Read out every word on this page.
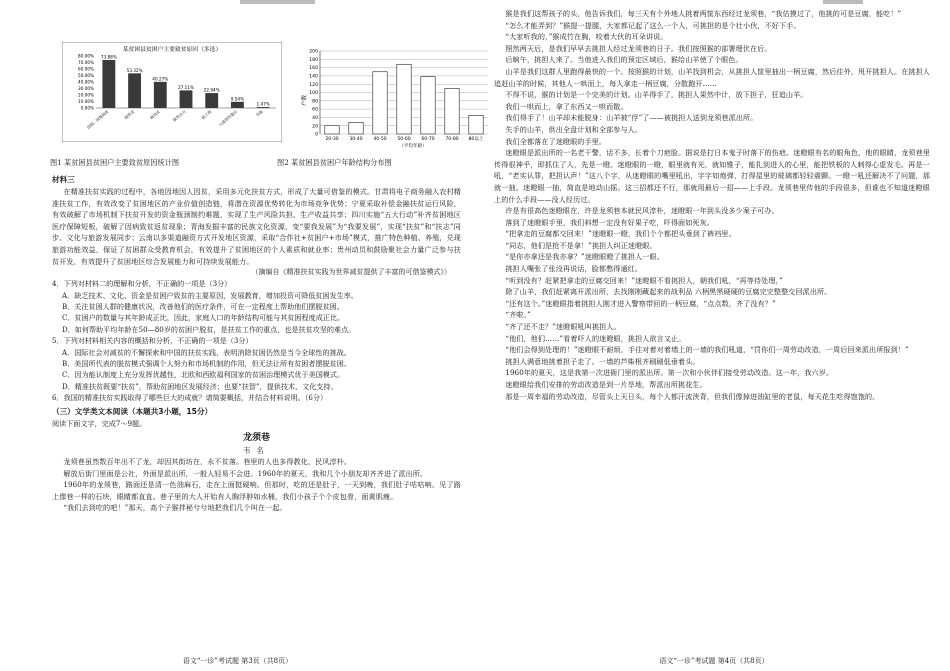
某贫困县贫困户主要致贫原因（多选）
80.00%
70.00%
60.00%
50.00%
40.00%
30.00%
20.00%
10.00%
0.00%
73.88%
因病、因残致贫
53.32%
缺资金
40.27%
缺技术
27.11%
缺劳动力
22.94%
缺土地
9.54%
交通条件落后
1.47%
其他
户数
200
180
160
140
120
100
80
60
40
20
0
20-30 30-40 40-50 50-60 60-70 70-80 80以上
（平均年龄）
图1 某贫困县贫困户主要致贫原因统计图	图2 某贫困县贫困户年龄结构分布图
材料三

在精准扶贫实践的过程中，各地因地因人因贫，采用多元化扶贫方式，形成了大量可借鉴的模式。甘肃将电子商务融入农村精准扶贫工作，有效改变了贫困地区的产业价值创造链，将潜在资源优势转化为市场竞争优势；宁夏采取补偿金融扶贫运行风险，有效破解了市场机制下扶贫开发的资金瓶颈制约难题，实现了生产风险共担、生产收益共享；四川实施“五大行动”补齐贫困地区医疗保障短板，破解了因病致贫返贫现象；青海发掘丰富的民族文化资源，变“要我发展”为“我要发展”，实现“扶贫”和“扶志”同步、文化与旅游发展同步；云南以多渠道融资方式开发地区资源，采取“合作社+贫困户+市场”模式，推广特色种植、养殖，兑现旅游功能效益，保证了贫困群众受教育机会，有效提升了贫困地区的个人素质和就业率；贵州动员和鼓励聚社会力量广泛参与扶贫开发，有效提升了贫困地区综合发展能力和可持续发展能力。

（摘编自《精准扶贫实践为世界减贫提供了丰富的可借鉴模式》）

4．下列对材料二的理解和分析，不正确的一项是（3分）

A．缺乏技术、文化、资金是贫困户致贫的主要原因，发展教育，增加投资可降低贫困发生率。

B．关注贫困人群的健康状况，改善他们的医疗条件，可在一定程度上帮助他们摆脱贫困。

C．贫困户的数量与其年龄成正比，因此，家庭人口的年龄结构可能与其贫困程度成正比。

D．如何帮助平均年龄在50—80岁的贫困户脱贫，是扶贫工作的重点，也是扶贫攻坚的难点。

5．下列对材料相关内容的概括和分析，不正确的一项是（3分）

A．国际社会对减贫的不懈探索和中国的扶贫实践，表明消除贫困仍然是当今全球性的挑战。

B．美国所代表的脱贫模式强调个人努力和市场机制的作用，但无法让所有贫困者摆脱贫困。

C．因为能认制度上充分发挥优越性，北欧和西欧福利国家的贫困治理模式优于美国模式。

D．精准扶贫既要“扶贫”，帮助贫困地区发展经济；也要“扶智”，提供技术、文化支持。

6．我国的精准扶贫实践取得了哪些巨大的成就？请简要概括，并结合材料说明。（6分）

（三）文学类文本阅读（本题共3小题，15分）

阅读下面文字，完成7～9题。

龙须巷
韦名

龙须巷虽然数百年出不了龙，却因其街坊在，永不贫落。巷里的人也多得教化，民风淳朴。

解放后街门里面是公社，外面是派出所，一般人轻易不会进。1960年的夏天，我和几个小朋友却齐齐进了派出所。

1960年的龙须巷，路面还是清一色油麻石，走在上面挺硬响。但那时，吃的还是肚子，一天到晚，我们肚子咕咕响。见了路上像巷一样的石块，眼睛都直直。巷子里的大人开始有人胸浮肿如水桶，我们小孩子个个皮包骨，面黄肌瘦。

“我们去到吃的吧！”那天，高个子猴拌秘兮兮地把我们几个叫在一起。

语文“一诊”考试题 第3页（共8页）

猴是我们这帮孩子的头，他告诉我们，每三天有个外地人挑着两筐东西经过龙须巷，“我估摸过了，他挑的可是豆腐，能吃！”

“怎么才能弄到？”猴提一提腿，大家都记起了这么一个人，可挑担的是个壮小伙，不好下手。

“大家听我的，”猴成竹在胸，咬着大伙的耳朵讲说。

照然两天后，是我们早早去挑担人经过龙须巷的日子。我们按照猴的部署埋伏在后。

后晌午，挑担人来了。当他进入我们的预定区域后，猴给山羊使了个眼色。

山羊是我们这群人里跑得最快的一个。按照猴的计划，山羊找到机会，从挑担人筐里抽出一柄豆腐，然后往外，甩开挑担人。在挑担人追赶山羊的时候，其他人一哄而上，每人拿走一柄豆腐，分散跑开……

不得不说，猴的计划是一个完美的计划。山羊得手了，挑担人果然中计，放下担子，狂追山羊。

我们一哄而上，拿了东西又一哄而散。

我们得手了！山羊却未能脱身：山羊被“俘”了——被挑担人送到龙须巷派出所。

失手的山羊，供出全盘计划和全部参与人。

我们全都落在了迷瞪眼的手里。

迷瞪眼是派出所的一名老干警，话不多，长着个刀疤脸。据说是打日本鬼子时落下的伤疤。迷瞪眼有名的眼角色，他的眼睛，龙须巷里传得很神乎，即抓住了人，先是一瞪。迷瞪眼的一瞪，眼里就有光，就如锥子，能扎到进人的心里，能把铁板的人刺得心虚发毛。再是一吼，“老实认罪，把担认声！”这八个字，从迷瞪眼的嘴里吼出，字字如炮弹，打得屋里的玻璃都轻轻震颤。一瞪一吼还解决不了问题，那就一抽。迷瞪眼一抽，简直是地动山摇。这三招都还不行，那就用最后一招——上手段。龙须巷里传他的手段很多，但谁也不知道迷瞪眼上的什么手段——没人经历过。

许是有很高色迷瞪眼在，许是龙须巷本就民风淳朴，迷瞪眼一年到头没多少案子可办。

落到了迷瞪眼手里，我们料想一定没有好果子吃，吓得面如死灰。

“把拿走的豆腐都交回来！”迷瞪眼一瞪，我们个个都把头垂到了裤裆里。

“同志，他们是抢不是拿！”挑担人纠正迷瞪眼。

“是你亦拿还是我亦拿？”迷瞪眼瞪了挑担人一眼。

挑担人嘴张了张没再说话，脸都憋得通红。

“听到没有？赶紧把拿走的豆腐交回来！”迷瞪眼不看挑担人，朝我们吼，“再等待处理，”

除了山羊，我们赶紧离开派出所，去找刚刚藏起来的战利品 六柄黑黑硬硬的豆腐完完整整交回派出所。

“还有这个。”迷瞪眼指着挑担人刚才进入警察带回的一柄豆腐，“点点数，齐了没有？”

“齐啦。”

“齐了还不走？”迷瞪眼吼叫挑担人。

“他们，他们……”看着吓人的迷瞪眼，挑担人欲言又止。

“他们会得到处理的！”迷瞪眼不耐烦，手往对着对着墙上的一墙的我们吼道，“罚你们一周劳动改造，一周后回来派出所报到！”

挑担人满意地挑着担子走了。一墙的芦柴根齐刷刷低垂着头。

1960年的夏天，这是我第一次进衙门里的派出所。第一次和小伙伴们接受劳动改造。这一年，我六岁。

迷瞪眼给我们安排的劳动改造是到一片旱地，帮派出所挑花生。

那是一周幸福的劳动改造，尽管头上天日头，每个人都汗流浃背，但我们像掉进油缸里的老鼠，每天花生吃得饱饱的。

语文“一诊”考试题 第4页（共8页）
